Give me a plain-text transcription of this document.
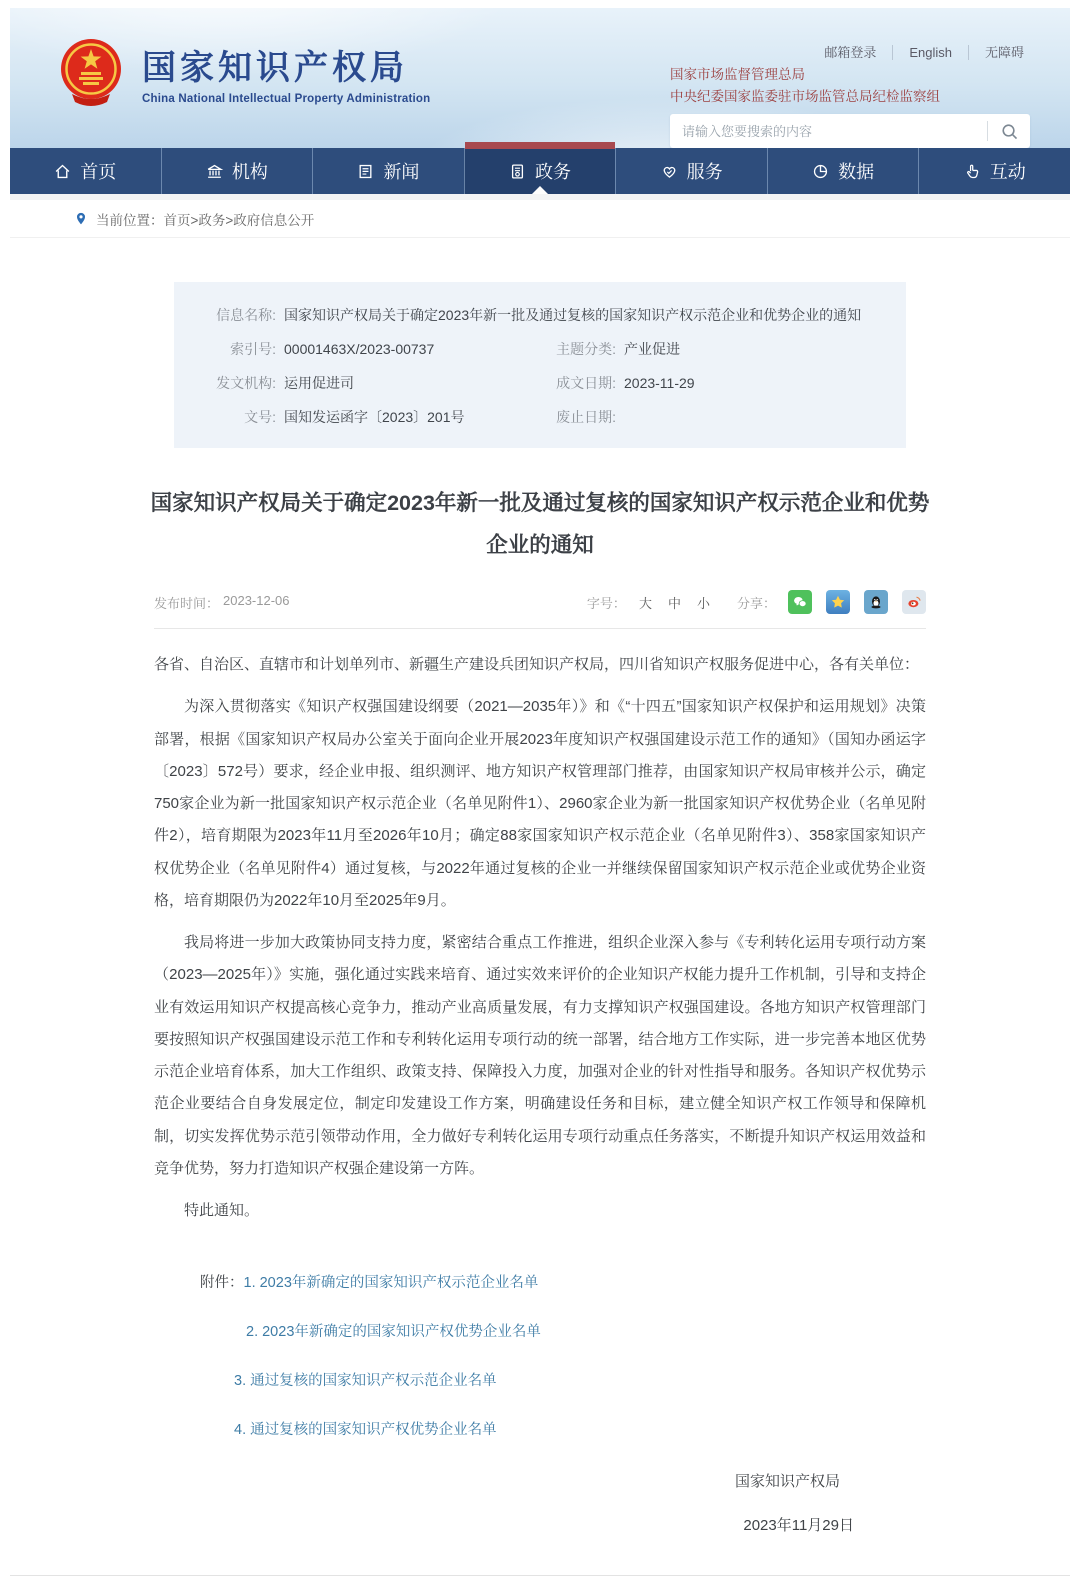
国家知识产权局
China National Intellectual Property Administration
邮箱登录	English	无障碍
国家市场监督管理总局
中央纪委国家监委驻市场监管总局纪检监察组
请输入您要搜索的内容
首页	机构	新闻	政务	服务	数据	互动
当前位置： 首页>政务>政府信息公开
信息名称: 国家知识产权局关于确定2023年新一批及通过复核的国家知识产权示范企业和优势企业的通知
索引号: 00001463X/2023-00737	主题分类: 产业促进
发文机构: 运用促进司	成文日期: 2023-11-29
文号: 国知发运函字〔2023〕201号	废止日期:
国家知识产权局关于确定2023年新一批及通过复核的国家知识产权示范企业和优势企业的通知
发布时间： 2023-12-06	字号： 大 中 小 分享：

各省、自治区、直辖市和计划单列市、新疆生产建设兵团知识产权局，四川省知识产权服务促进中心，各有关单位：

为深入贯彻落实《知识产权强国建设纲要（2021—2035年）》和《“十四五”国家知识产权保护和运用规划》决策部署，根据《国家知识产权局办公室关于面向企业开展2023年度知识产权强国建设示范工作的通知》（国知办函运字〔2023〕572号）要求，经企业申报、组织测评、地方知识产权管理部门推荐，由国家知识产权局审核并公示，确定750家企业为新一批国家知识产权示范企业（名单见附件1）、2960家企业为新一批国家知识产权优势企业（名单见附件2），培育期限为2023年11月至2026年10月；确定88家国家知识产权示范企业（名单见附件3）、358家国家知识产权优势企业（名单见附件4）通过复核，与2022年通过复核的企业一并继续保留国家知识产权示范企业或优势企业资格，培育期限仍为2022年10月至2025年9月。

我局将进一步加大政策协同支持力度，紧密结合重点工作推进，组织企业深入参与《专利转化运用专项行动方案（2023—2025年）》实施，强化通过实践来培育、通过实效来评价的企业知识产权能力提升工作机制，引导和支持企业有效运用知识产权提高核心竞争力，推动产业高质量发展，有力支撑知识产权强国建设。各地方知识产权管理部门要按照知识产权强国建设示范工作和专利转化运用专项行动的统一部署，结合地方工作实际，进一步完善本地区优势示范企业培育体系，加大工作组织、政策支持、保障投入力度，加强对企业的针对性指导和服务。各知识产权优势示范企业要结合自身发展定位，制定印发建设工作方案，明确建设任务和目标，建立健全知识产权工作领导和保障机制，切实发挥优势示范引领带动作用，全力做好专利转化运用专项行动重点任务落实，不断提升知识产权运用效益和竞争优势，努力打造知识产权强企建设第一方阵。

特此通知。

附件： 1. 2023年新确定的国家知识产权示范企业名单
2. 2023年新确定的国家知识产权优势企业名单
3. 通过复核的国家知识产权示范企业名单
4. 通过复核的国家知识产权优势企业名单
国家知识产权局
2023年11月29日
